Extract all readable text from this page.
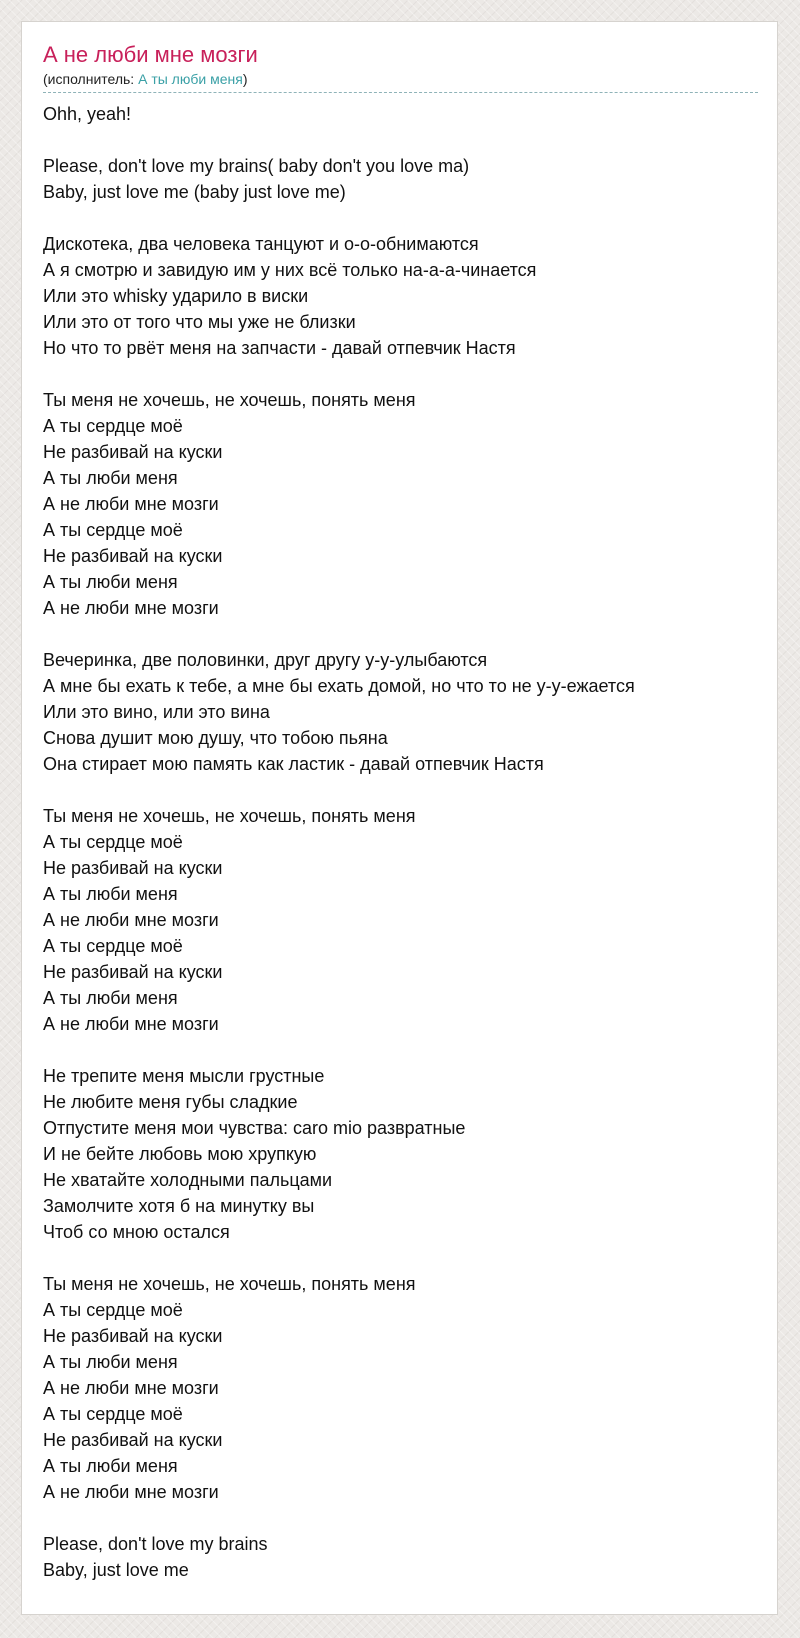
А не люби мне мозги
(исполнитель: А ты люби меня)
Ohh, yeah!
Please, don't love my brains( baby don't you love ma)
Baby, just love me (baby just love me)
Дискотека, два человека танцуют и о-о-обнимаются
А я смотрю и завидую им у них всё только на-а-а-чинается
Или это whisky ударило в виски
Или это от того что мы уже не близки
Но что то рвёт меня на запчасти - давай отпевчик Настя
Ты меня не хочешь, не хочешь, понять меня
А ты сердце моё
Не разбивай на куски
А ты люби меня
А не люби мне мозги
А ты сердце моё
Не разбивай на куски
А ты люби меня
А не люби мне мозги
Вечеринка, две половинки, друг другу у-у-улыбаются
А мне бы ехать к тебе, а мне бы ехать домой, но что то не у-у-ежается
Или это вино, или это вина
Снова душит мою душу, что тобою пьяна
Она стирает мою память как ластик - давай отпевчик Настя
Ты меня не хочешь, не хочешь, понять меня
А ты сердце моё
Не разбивай на куски
А ты люби меня
А не люби мне мозги
А ты сердце моё
Не разбивай на куски
А ты люби меня
А не люби мне мозги
Не трепите меня мысли грустные
Не любите меня губы сладкие
Отпустите меня мои чувства: caro mio развратные
И не бейте любовь мою хрупкую
Не хватайте холодными пальцами
Замолчите хотя б на минутку вы
Чтоб со мною остался
Ты меня не хочешь, не хочешь, понять меня
А ты сердце моё
Не разбивай на куски
А ты люби меня
А не люби мне мозги
А ты сердце моё
Не разбивай на куски
А ты люби меня
А не люби мне мозги
Please, don't love my brains
Baby, just love me
